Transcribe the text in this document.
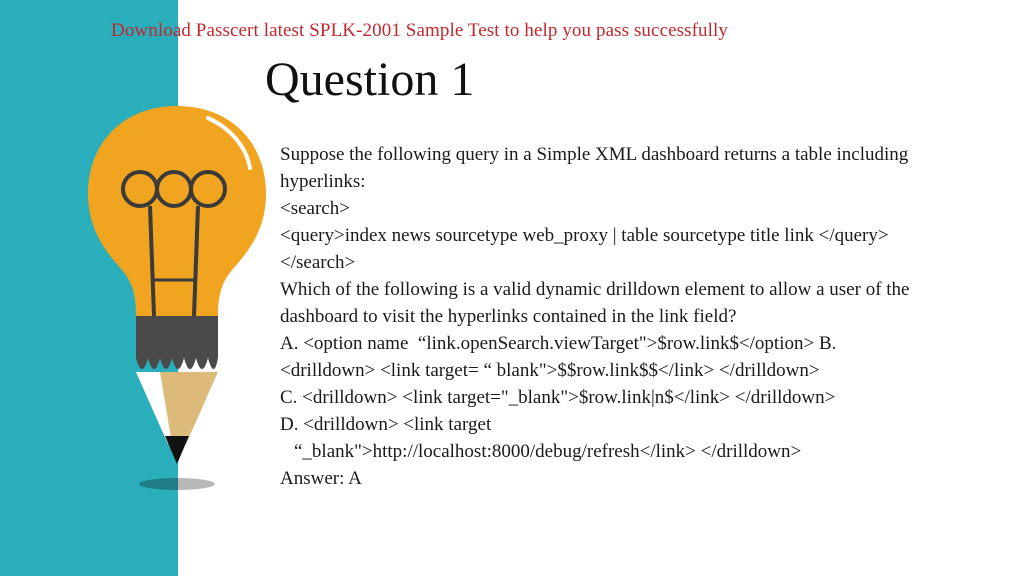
Download Passcert latest SPLK-2001 Sample Test to help you pass successfully
Question 1
Suppose the following query in a Simple XML dashboard returns a table including
hyperlinks:
<search>
<query>index news sourcetype web_proxy | table sourcetype title link </query>
</search>
Which of the following is a valid dynamic drilldown element to allow a user of the
dashboard to visit the hyperlinks contained in the link field?
A. <option name  “link.openSearch.viewTarget">$row.link$</option> B.
<drilldown> <link target= “ blank">$$row.link$$</link> </drilldown>
C. <drilldown> <link target="_blank">$row.link|n$</link> </drilldown>
D. <drilldown> <link target
“_blank">http://localhost:8000/debug/refresh</link> </drilldown>
Answer: A
